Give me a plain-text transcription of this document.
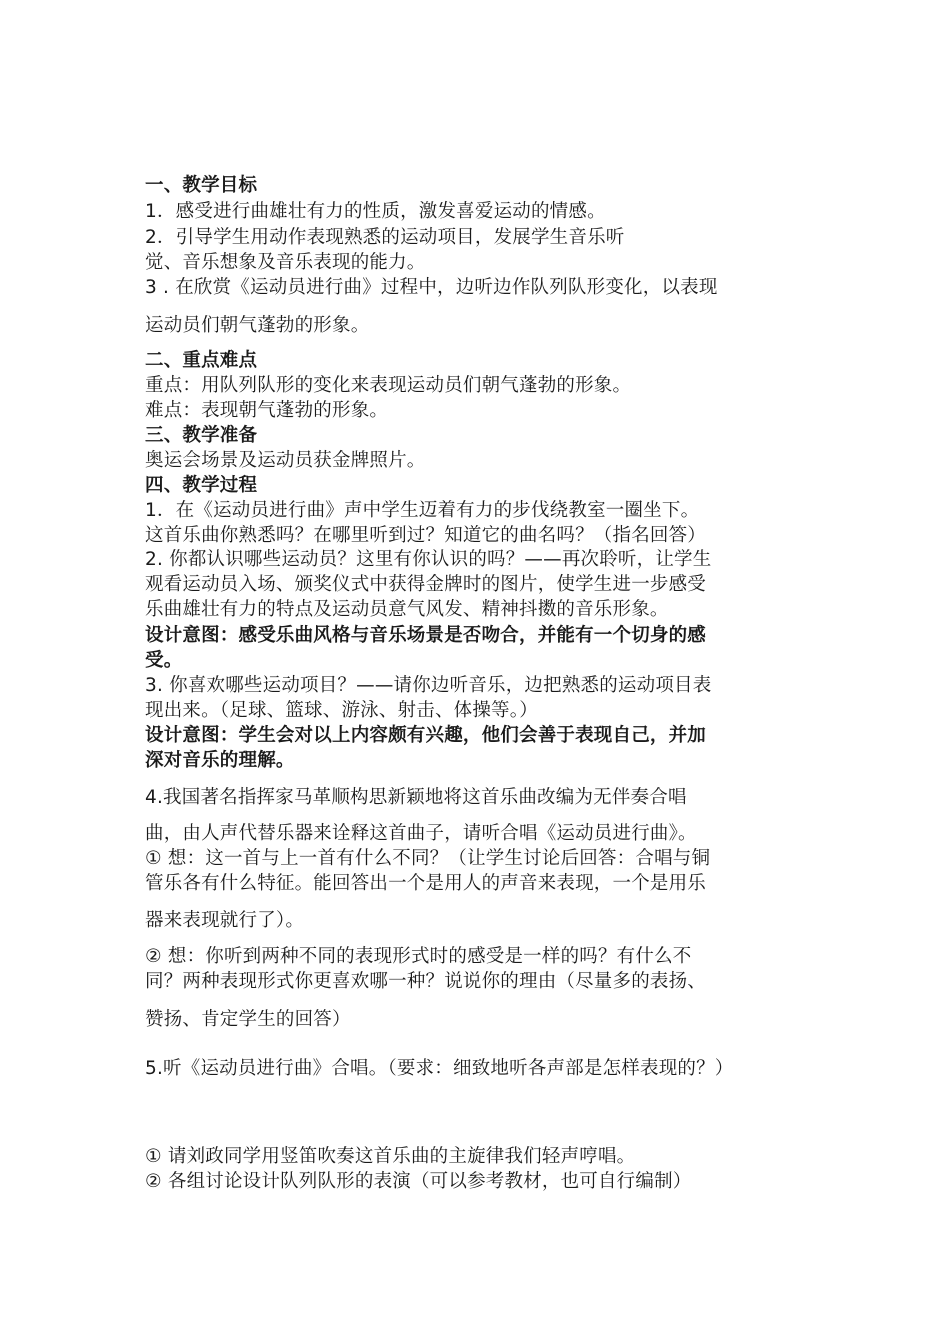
一、教学目标
1．感受进行曲雄壮有力的性质，激发喜爱运动的情感。
2．引导学生用动作表现熟悉的运动项目，发展学生音乐听
觉、音乐想象及音乐表现的能力。
3 . 在欣赏《运动员进行曲》过程中，边听边作队列队形变化，以表现
运动员们朝气蓬勃的形象。
二、重点难点
重点：用队列队形的变化来表现运动员们朝气蓬勃的形象。
难点：表现朝气蓬勃的形象。
三、教学准备
奥运会场景及运动员获金牌照片。
四、教学过程
1．在《运动员进行曲》声中学生迈着有力的步伐绕教室一圈坐下。
这首乐曲你熟悉吗？在哪里听到过？知道它的曲名吗？（指名回答）
2. 你都认识哪些运动员？这里有你认识的吗？——再次聆听，让学生
观看运动员入场、颁奖仪式中获得金牌时的图片，使学生进一步感受
乐曲雄壮有力的特点及运动员意气风发、精神抖擞的音乐形象。
设计意图：感受乐曲风格与音乐场景是否吻合，并能有一个切身的感
受。
3. 你喜欢哪些运动项目？——请你边听音乐，边把熟悉的运动项目表
现出来。（足球、篮球、游泳、射击、体操等。）
设计意图：学生会对以上内容颇有兴趣，他们会善于表现自己，并加
深对音乐的理解。
4.我国著名指挥家马革顺构思新颖地将这首乐曲改编为无伴奏合唱
曲，由人声代替乐器来诠释这首曲子，请听合唱《运动员进行曲》。
① 想：这一首与上一首有什么不同？（让学生讨论后回答：合唱与铜
管乐各有什么特征。能回答出一个是用人的声音来表现，一个是用乐
器来表现就行了）。
② 想：你听到两种不同的表现形式时的感受是一样的吗？有什么不
同？两种表现形式你更喜欢哪一种？说说你的理由（尽量多的表扬、
赞扬、肯定学生的回答）
5.听《运动员进行曲》合唱。（要求：细致地听各声部是怎样表现的？）
① 请刘政同学用竖笛吹奏这首乐曲的主旋律我们轻声哼唱。
② 各组讨论设计队列队形的表演（可以参考教材，也可自行编制）
